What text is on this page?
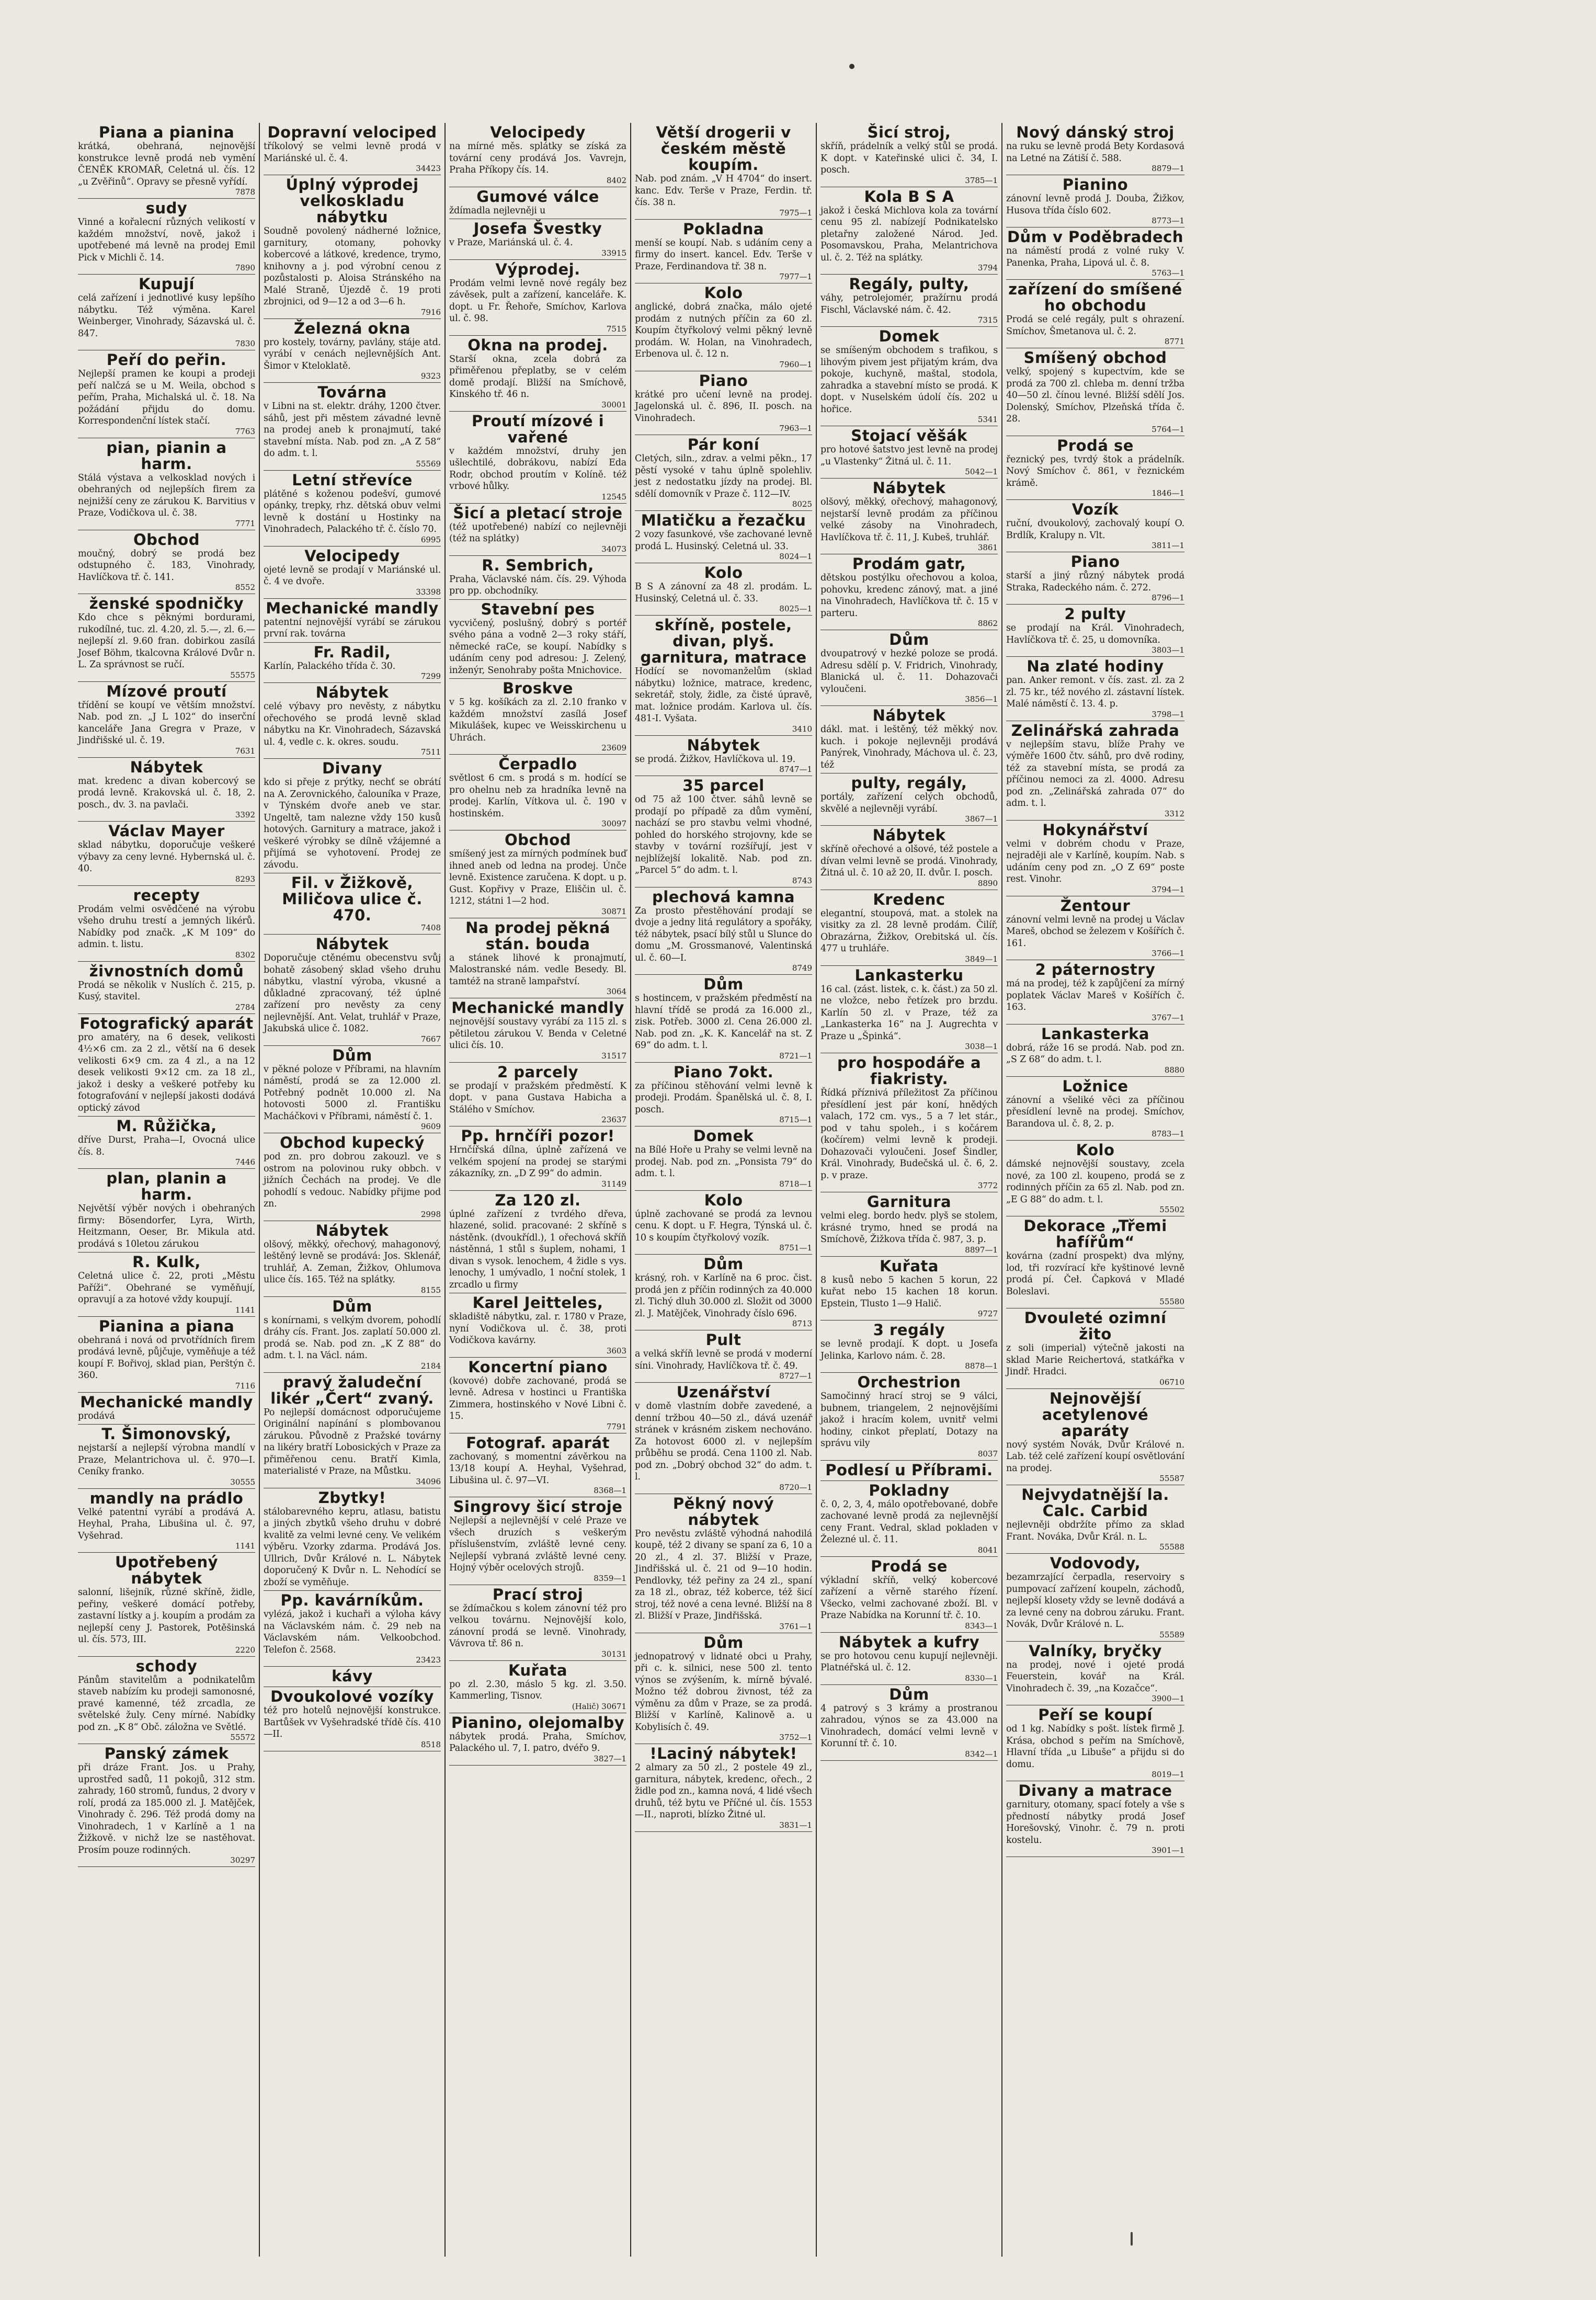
Piana a pianina
krátká, obehraná, nejnovější konstrukce levně prodá neb vymění ČENĚK KROMAŘ, Celetná ul. čís. 12 „u Zvěřinů“. Opravy se přesně vyřídí.
7878
sudy
Vinné a kořalecní různých velikostí v každém množství, nově, jakož i upotřebené má levně na prodej Emil Pick v Michli č. 14.
7890
Kupují
celá zařízení i jednotlivé kusy lepšího nábytku. Též výměna. Karel Weinberger, Vinohrady, Sázavská ul. č. 847.
7830
Peří do peřin.
Nejlepší pramen ke koupi a prodeji peří nalčzá se u M. Weila, obchod s peřím, Praha, Michalská ul. č. 18. Na požádání přijdu do domu. Korrespondenční lístek stačí.
7763
pian, pianin a harm.
Stálá výstava a velkosklad nových i obehraných od nejlepších firem za nejnižší ceny ze zárukou K. Barvitius v Praze, Vodičkova ul. č. 38.
7771
Obchod
moučný, dobrý se prodá bez odstupného č. 183, Vinohrady, Havlíčkova tř. č. 141.
8552
ženské spodničky
Kdo chce s pěknými bordurami, rukodílné, tuc. zl. 4.20, zl. 5.—, zl. 6.— nejlepší zl. 9.60 fran. dobirkou zasílá Josef Böhm, tkalcovna Králové Dvůr n. L. Za správnost se ručí.
55575
Mízové proutí
třídění se koupí ve větším množství. Nab. pod zn. „J L 102“ do inserční kanceláře Jana Gregra v Praze, v Jindřišské ul. č. 19.
7631
Nábytek
mat. kredenc a divan kobercový se prodá levně. Krakovská ul. č. 18, 2. posch., dv. 3. na pavlači.
3392
Václav Mayer
sklad nábytku, doporučuje veškeré výbavy za ceny levné. Hybernská ul. č. 40.
8293
recepty
Prodám velmi osvědčené na výrobu všeho druhu trestí a jemných likérů. Nabídky pod značk. „K M 109“ do admin. t. listu.
8302
živnostních domů
Prodá se několik v Nuslích č. 215, p. Kusý, stavitel.
2784
Fotografický aparát
pro amatéry, na 6 desek, velikosti 4½×6 cm. za 2 zl., větší na 6 desek velikosti 6×9 cm. za 4 zl., a na 12 desek velikosti 9×12 cm. za 18 zl., jakož i desky a veškeré potřeby ku fotografování v nejlepší jakosti dodává optický závod
M. Růžička,
dříve Durst, Praha—I, Ovocná ulice čís. 8.
7446
plan, planin a harm.
Největší výběr nových i obehraných firmy: Bösendorfer, Lyra, Wirth, Heitzmann, Oeser, Br. Mikula atd. prodává s 10letou zárukou
R. Kulk,
Celetná ulice č. 22, proti „Městu Paříži“. Obehrané se vyměňují, opravují a za hotové vždy koupují.
1141
Pianina a piana
obehraná i nová od prvotřídních firem prodává levně, půjčuje, vyměňuje a též koupí F. Bořivoj, sklad pian, Perštýn č. 360.
7116
Mechanické mandly
prodává
T. Šimonovský,
nejstarší a nejlepší výrobna mandlí v Praze, Melantrichova ul. č. 970—I. Ceníky franko.
30555
mandly na prádlo
Velké patentní vyrábí a prodává A. Heyhal, Praha, Libušina ul. č. 97, Vyšehrad.
1141
Upotřebený nábytek
salonní, lišejník, různé skříně, židle, peřiny, veškeré domácí potřeby, zastavní lístky a j. koupím a prodám za nejlepší ceny J. Pastorek, Potěšinská ul. čís. 573, III.
2220
schody
Pánům stavitelům a podnikatelům staveb nabízím ku prodeji samonosné, pravé kamenné, též zrcadla, ze světelské žuly. Ceny mírné. Nabídky pod zn. „K 8“ Obč. záložna ve Světlé.
55572
Panský zámek
při dráze Frant. Jos. u Prahy, uprostřed sadů, 11 pokojů, 312 stm. zahrady, 160 stromů, fundus, 2 dvory v rolí, prodá za 185.000 zl. J. Matějček, Vinohrady č. 296. Též prodá domy na Vinohradech, 1 v Karlíně a 1 na Žižkově. v nichž lze se nastěhovat. Prosím pouze rodinných.
30297
Dopravní velociped
tříkolový se velmi levně prodá v Mariánské ul. č. 4.
34423
Úplný výprodej velkoskladu nábytku
Soudně povolený nádherné ložnice, garnitury, otomany, pohovky kobercové a látkové, kredence, trymo, knihovny a j. pod výrobní cenou z pozůstalosti p. Aloisa Stránského na Malé Straně, Újezdě č. 19 proti zbrojnici, od 9—12 a od 3—6 h.
7916
Železná okna
pro kostely, továrny, pavlány, stáje atd. vyrábí v cenách nejlevnějších Ant. Šimor v Kteloklatě.
9323
Továrna
v Libni na st. elektr. dráhy, 1200 čtver. sáhů, jest při městem závadné levně na prodej aneb k pronajmutí, také stavební místa. Nab. pod zn. „A Z 58“ do adm. t. l.
55569
Letní střevíce
plátěné s koženou podešví, gumové opánky, trepky, rhz. dětská obuv velmi levně k dostání u Hostinky na Vinohradech, Palackého tř. č. číslo 70.
6995
Velocipedy
ojeté levně se prodají v Mariánské ul. č. 4 ve dvoře.
33398
Mechanické mandly
patentní nejnovější vyrábí se zárukou první rak. továrna
Fr. Radil,
Karlín, Palackého třída č. 30.
7299
Nábytek
celé výbavy pro nevěsty, z nábytku ořechového se prodá levně sklad nábytku na Kr. Vinohradech, Sázavská ul. 4, vedle c. k. okres. soudu.
7511
Divany
kdo si přeje z prýtky, nechť se obrátí na A. Zerovnického, čalouníka v Praze, v Týnském dvoře aneb ve star. Ungeltě, tam nalezne vždy 150 kusů hotových. Garnitury a matrace, jakož i veškeré výrobky se dílně vžájemné a přijímá se vyhotovení. Prodej ze závodu.
Fil. v Žižkově, Miličova ulice č. 470.
7408
Nábytek
Doporučuje ctěnému obecenstvu svůj bohatě zásobený sklad všeho druhu nábytku, vlastní výroba, vkusné a důkladné zpracovaný, též úplné zařízení pro nevěsty za ceny nejlevnější. Ant. Velat, truhlář v Praze, Jakubská ulice č. 1082.
7667
Dům
v pěkné poloze v Příbrami, na hlavním náměstí, prodá se za 12.000 zl. Potřebný podnět 10.000 zl. Na hotovosti 5000 zl. Františku Macháčkovi v Příbrami, náměstí č. 1.
9609
Obchod kupecký
pod zn. pro dobrou zakouzl. ve s ostrom na polovinou ruky obbch. v jižních Čechách na prodej. Ve dle pohodlí s vedouc. Nabídky přijme pod zn.
2998
Nábytek
olšový, měkký, ořechový, mahagonový, leštěný levně se prodává: Jos. Sklenář, truhlář, A. Zeman, Žižkov, Ohlumova ulice čís. 165. Též na splátky.
8155
Dům
s konírnami, s velkým dvorem, pohodlí dráhy cís. Frant. Jos. zaplatí 50.000 zl. prodá se. Nab. pod zn. „K Z 88“ do adm. t. l. na Václ. nám.
2184
pravý žaludeční likér „Čert“ zvaný.
Po nejlepší domácnost odporučujeme Originální napínání s plombovanou zárukou. Původně z Pražské továrny na likéry bratří Lobosických v Praze za přiměřenou cenu. Bratří Kimla, materialisté v Praze, na Můstku.
34096
Zbytky!
stálobarevného kepru, atlasu, batistu a jiných zbytků všeho druhu v dobré kvalitě za velmi levné ceny. Ve velikém výběru. Vzorky zdarma. Prodává Jos. Ullrich, Dvůr Králové n. L. Nábytek doporučený K Dvůr n. L. Nehodící se zboží se vyměňuje.
Pp. kavárníkům.
vylézá, jakož i kuchaři a výloha kávy na Václavském nám. č. 29 neb na Václavském nám. Velkoobchod. Telefon č. 2568.
23423
kávy
Dvoukolové vozíky
též pro hotelů nejnovější konstrukce. Bartůšek vv Vyšehradské třídě čís. 410—II.
8518
Velocipedy
na mírné měs. splátky se získá za tovární ceny prodává Jos. Vavrejn, Praha Příkopy čís. 14.
8402
Gumové válce
ždímadla nejlevněji u
Josefa Švestky
v Praze, Mariánská ul. č. 4.
33915
Výprodej.
Prodám velmi levně nové regály bez závěsek, pult a zařízení, kanceláře. K. dopt. u Fr. Řehoře, Smíchov, Karlova ul. č. 98.
7515
Okna na prodej.
Starší okna, zcela dobrá za přiměřenou přeplatby, se v celém domě prodají. Bližší na Smíchově, Kinského tř. 46 n.
30001
Proutí mízové i vařené
v každém množství, druhy jen ušlechtilé, dobrákovu, nabízí Eda Rodr, obchod proutím v Kolíně. též vrbové hůlky.
12545
Šicí a pletací stroje
(též upotřebené) nabízí co nejlevněji (též na splátky)
34073
R. Sembrich,
Praha, Václavské nám. čís. 29. Výhoda pro pp. obchodníky.
Stavební pes
vycvičený, poslušný, dobrý s portéř svého pána a vodně 2—3 roky stáří, německé raCe, se koupí. Nabídky s udáním ceny pod adresou: J. Zelený, inženýr, Senohraby pošta Mnichovice.
Broskve
v 5 kg. košíkách za zl. 2.10 franko v každém množství zasílá Josef Mikulášek, kupec ve Weisskirchenu u Uhrách.
23609
Čerpadlo
světlost 6 cm. s prodá s m. hodící se pro ohelnu neb za hradníka levně na prodej. Karlín, Vítkova ul. č. 190 v hostinském.
30097
Obchod
smíšený jest za mírných podmínek buď ihned aneb od ledna na prodej. Únče levně. Existence zaručena. K dopt. u p. Gust. Kopřivy v Praze, Eliščin ul. č. 1212, státni 1—2 hod.
30871
Na prodej pěkná stán. bouda
a stánek lihové k pronajmutí, Malostranské nám. vedle Besedy. Bl. tamtéž na straně lampařství.
3064
Mechanické mandly
nejnovější soustavy vyrábí za 115 zl. s pětiletou zárukou V. Benda v Celetné ulici čís. 10.
31517
2 parcely
se prodají v pražském předměstí. K dopt. v pana Gustava Habicha a Stálého v Smíchov.
23637
Pp. hrnčíři pozor!
Hrnčířská dílna, úplně zařízená ve velkém spojení na prodej se starými zákazníky, zn. „D Z 99“ do admin.
31149
Za 120 zl.
úplné zařízení z tvrdého dřeva, hlazené, solid. pracované: 2 skříně s nástěnk. (dvoukřídl.), 1 ořechová skříň nástěnná, 1 stůl s šuplem, nohami, 1 divan s vysok. lenochem, 4 židle s vys. lenochy, 1 umývadlo, 1 noční stolek, 1 zrcadlo u firmy
Karel Jeitteles,
skladiště nábytku, zal. r. 1780 v Praze, nyní Vodičkova ul. č. 38, proti Vodičkova kavárny.
3603
Koncertní piano
(kovové) dobře zachované, prodá se levně. Adresa v hostinci u Františka Zimmera, hostinského v Nové Libni č. 15.
7791
Fotograf. aparát
zachovaný, s momentní závěrkou na 13/18 koupí A. Heyhal, Vyšehrad, Libušina ul. č. 97—VI.
8368—1
Singrovy šicí stroje
Nejlepší a nejlevnější v celé Praze ve všech druzích s veškerým příslušenstvím, zvláště levné ceny. Nejlepší vybraná zvláště levné ceny. Hojný výběr ocelových strojů.
8359—1
Prací stroj
se ždímačkou s kolem zánovní též pro velkou továrnu. Nejnovější kolo, zánovní prodá se levně. Vinohrady, Vávrova tř. 86 n.
30131
Kuřata
po zl. 2.30, máslo 5 kg. zl. 3.50. Kammerling, Tisnov.
(Halič) 30671
Pianino, olejomalby
nábytek prodá. Praha, Smíchov, Palackého ul. 7, I. patro, dvéřo 9.
3827—1
Větší drogerii v českém městě koupím.
Nab. pod znám. „V H 4704“ do insert. kanc. Edv. Terše v Praze, Ferdin. tř. čís. 38 n.
7975—1
Pokladna
menší se koupí. Nab. s udáním ceny a firmy do insert. kancel. Edv. Terše v Praze, Ferdinandova tř. 38 n.
7977—1
Kolo
anglické, dobrá značka, málo ojeté prodám z nutných příčin za 60 zl. Koupím čtyřkolový velmi pěkný levně prodám. W. Holan, na Vinohradech, Erbenova ul. č. 12 n.
7960—1
Piano
krátké pro učení levně na prodej. Jagelonská ul. č. 896, II. posch. na Vinohradech.
7963—1
Pár koní
Cletých, siln., zdrav. a velmi pěkn., 17 pěstí vysoké v tahu úplně spolehliv. jest z nedostatku jízdy na prodej. Bl. sdělí domovník v Praze č. 112—IV.
8025
Mlatičku a řezačku
2 vozy fasunkové, vše zachované levně prodá L. Husinský. Celetná ul. 33.
8024—1
Kolo
B S A zánovní za 48 zl. prodám. L. Husinský, Celetná ul. č. 33.
8025—1
skříně, postele, divan, plyš. garnitura, matrace
Hodící se novomanželům (sklad nábytku) ložnice, matrace, kredenc, sekretář, stoly, židle, za čisté úpravě, mat. ložnice prodám. Karlova ul. čís. 481-I. Vyšata.
3410
Nábytek
se prodá. Žižkov, Havlíčkova ul. 19.
8747—1
35 parcel
od 75 až 100 čtver. sáhů levně se prodají po případě za dům vymění, nachází se pro stavbu velmi vhodné, pohled do horského strojovny, kde se stavby v tovární rozšířují, jest v nejblížejší lokalitě. Nab. pod zn. „Parcel 5“ do adm. t. l.
8743
plechová kamna
Za prosto přestěhování prodají se dvoje a jedny litá regulátory a spořáky, též nábytek, psací bílý stůl u Slunce do domu „M. Grossmanové, Valentinská ul. č. 60—I.
8749
Dům
s hostincem, v pražském předměstí na hlavní třídě se prodá za 16.000 zl., zisk. Potřeb. 3000 zl. Cena 26.000 zl. Nab. pod zn. „K. K. Kancelář na st. Z 69“ do adm. t. l.
8721—1
Piano 7okt.
za příčinou stěhování velmi levně k prodeji. Prodám. Španělská ul. č. 8, I. posch.
8715—1
Domek
na Bílé Hoře u Prahy se velmi levně na prodej. Nab. pod zn. „Ponsista 79“ do adm. t. l.
8718—1
Kolo
úplně zachované se prodá za levnou cenu. K dopt. u F. Hegra, Týnská ul. č. 10 s koupím čtyřkolový vozík.
8751—1
Dům
krásný, roh. v Karlíně na 6 proc. čist. prodá jen z příčin rodinných za 40.000 zl. Tichý dluh 30.000 zl. Složit od 3000 zl. J. Matějček, Vinohrady číslo 696.
8713
Pult
a velká skříň levně se prodá v moderní síni. Vinohrady, Havlíčkova tř. č. 49.
8727—1
Uzenářství
v domě vlastním dobře zavedené, a denní tržbou 40—50 zl., dává uzenář stránek v krásném ziskem nechováno. Za hotovost 6000 zl. v nejlepším průběhu se prodá. Cena 1100 zl. Nab. pod zn. „Dobrý obchod 32“ do adm. t. l.
8720—1
Pěkný nový nábytek
Pro nevěstu zvláště výhodná nahodilá koupě, též 2 divany se spaní za 6, 10 a 20 zl., 4 zl. 37. Bližší v Praze, Jindřišská ul. č. 21 od 9—10 hodin. Pendlovky, též peřiny za 24 zl., spaní za 18 zl., obraz, též koberce, též šicí stroj, též nové a cena levné. Bližší na 8 zl. Bližší v Praze, Jindřišská.
3761—1
Dům
jednopatrový v lidnaté obci u Prahy, při c. k. silnici, nese 500 zl. tento výnos se zvýšením, k. mírně bývalé. Možno též dobrou živnost, též za výměnu za dům v Praze, se za prodá. Bližší v Karlíně, Kalinově a. u Kobylisích č. 49.
3752—1
!Laciný nábytek!
2 almary za 50 zl., 2 postele 49 zl., garnitura, nábytek, kredenc, ořech., 2 židle pod zn., kamna nová, 4 lidé všech druhů, též bytu ve Příčné ul. čís. 1553—II., naproti, blízko Žitné ul.
3831—1
Šicí stroj,
skříň, prádelník a velký stůl se prodá. K dopt. v Kateřinské ulici č. 34, I. posch.
3785—1
Kola B S A
jakož i česká Michlova kola za tovární cenu 95 zl. nabízejí Podnikatelsko pletařny založené Národ. Jed. Posomavskou, Praha, Melantrichova ul. č. 2. Též na splátky.
3794
Regály, pulty,
váhy, petrolejomér, pražírnu prodá Fischl, Václavské nám. č. 42.
7315
Domek
se smíšeným obchodem s trafikou, s lihovým pivem jest přijatým krám, dva pokoje, kuchyně, maštal, stodola, zahradka a stavební místo se prodá. K dopt. v Nuselském údolí čís. 202 u hořice.
5341
Stojací věšák
pro hotové šatstvo jest levně na prodej „u Vlastenky“ Žitná ul. č. 11.
5042—1
Nábytek
olšový, měkký, ořechový, mahagonový, nejstarší levně prodám za příčinou velké zásoby na Vinohradech, Havlíčkova tř. č. 11, J. Kubeš, truhlář.
3861
Prodám gatr,
dětskou postýlku ořechovou a koloa, pohovku, kredenc zánový, mat. a jiné na Vinohradech, Havlíčkova tř. č. 15 v parteru.
8862
Dům
dvoupatrový v hezké poloze se prodá. Adresu sdělí p. V. Fridrich, Vinohrady, Blanická ul. č. 11. Dohazovači vyloučeni.
3856—1
Nábytek
dákl. mat. i leštěný, též měkký nov. kuch. i pokoje nejlevněji prodává Panýrek, Vinohrady, Máchova ul. č. 23, též
pulty, regály,
portály, zařízení celých obchodů, skvělé a nejlevněji vyrábí.
3867—1
Nábytek
skříně ořechové a olšové, též postele a dívan velmi levně se prodá. Vinohrady, Žitná ul. č. 10 až 20, II. dvůr. I. posch.
8890
Kredenc
elegantní, stoupová, mat. a stolek na visitky za zl. 28 levně prodám. Čilíř, Obrazárna, Žižkov, Orebitská ul. čís. 477 u truhláře.
3849—1
Lankasterku
16 cal. (zást. listek, c. k. část.) za 50 zl. ne vložce, nebo řetízek pro brzdu. Karlín 50 zl. v Praze, též za „Lankasterka 16“ na J. Augrechta v Praze u „Špinká“.
3038—1
pro hospodáře a fiakristy.
Řídká příznivá příležitost Za příčinou přesídlení jest pár koní, hnědých valach, 172 cm. vys., 5 a 7 let stár., pod v tahu spoleh., i s kočárem (kočírem) velmi levně k prodeji. Dohazovači vyloučeni. Josef Šindler, Král. Vinohrady, Budečská ul. č. 6, 2. p. v praze.
3772
Garnitura
velmi eleg. bordo hedv. plyš se stolem, krásné trymo, hned se prodá na Smíchově, Žižkova třída č. 987, 3. p.
8897—1
Kuřata
8 kusů nebo 5 kachen 5 korun, 22 kuřat nebo 15 kachen 18 korun. Epstein, Tlusto 1—9 Halič.
9727
3 regály
se levně prodají. K dopt. u Josefa Jelinka, Karlovo nám. č. 28.
8878—1
Orchestrion
Samočinný hrací stroj se 9 válci, bubnem, triangelem, 2 nejnovějšími jakož i hracím kolem, uvnitř velmi hodiny, cinkot přeplatí, Dotazy na správu vily
8037
Podlesí u Příbrami.
Pokladny
č. 0, 2, 3, 4, málo opotřebované, dobře zachované levně prodá za nejlevnější ceny Frant. Vedral, sklad pokladen v Železné ul. č. 11.
8041
Prodá se
výkladní skříň, velký kobercové zařízení a věrně starého řízení. Všecko, velmi zachované zboží. Bl. v Praze Nabídka na Korunní tř. č. 10.
8343—1
Nábytek a kufry
se pro hotovou cenu kupují nejlevněji. Platnéřská ul. č. 12.
8330—1
Dům
4 patrový s 3 krámy a prostranou zahradou, výnos se za 43.000 na Vinohradech, domácí velmi levně v Korunní tř. č. 10.
8342—1
Nový dánský stroj
na ruku se levně prodá Bety Kordasová na Letné na Zátiší č. 588.
8879—1
Pianino
zánovní levně prodá J. Douba, Žižkov, Husova třída číslo 602.
8773—1
Dům v Poděbradech
na náměstí prodá z volné ruky V. Panenka, Praha, Lipová ul. č. 8.
5763—1
zařízení do smíšené ho obchodu
Prodá se celé regály, pult s ohrazení. Smíchov, Šmetanova ul. č. 2.
8771
Smíšený obchod
velký, spojený s kupectvím, kde se prodá za 700 zl. chleba m. denní tržba 40—50 zl. čínou levné. Bližší sdělí Jos. Dolenský, Smíchov, Plzeňská třída č. 28.
5764—1
Prodá se
řeznický pes, tvrdý štok a prádelník. Nový Smíchov č. 861, v řeznickém krámě.
1846—1
Vozík
ruční, dvoukolový, zachovalý koupí O. Brdlík, Kralupy n. Vlt.
3811—1
Piano
starší a jiný různý nábytek prodá Straka, Radeckého nám. č. 272.
8796—1
2 pulty
se prodají na Král. Vinohradech, Havlíčkova tř. č. 25, u domovníka.
3803—1
Na zlaté hodiny
pan. Anker remont. v čís. zast. zl. za 2 zl. 75 kr., též nového zl. zástavní lístek. Malé náměstí č. 13. 4. p.
3798—1
Zelinářská zahrada
v nejlepším stavu, blíže Prahy ve výměře 1600 čtv. sáhů, pro dvě rodiny, též za stavební místa, se prodá za příčinou nemoci za zl. 4000. Adresu pod zn. „Zelinářská zahrada 07“ do adm. t. l.
3312
Hokynářství
velmi v dobrém chodu v Praze, nejraději ale v Karlíně, koupím. Nab. s udáním ceny pod zn. „O Z 69“ poste rest. Vinohr.
3794—1
Žentour
zánovní velmi levně na prodej u Václav Mareš, obchod se železem v Košířích č. 161.
3766—1
2 páternostry
má na prodej, též k zapůjčení za mírný poplatek Václav Mareš v Košířích č. 163.
3767—1
Lankasterka
dobrá, ráže 16 se prodá. Nab. pod zn. „S Z 68“ do adm. t. l.
8880
Ložnice
zánovní a všeliké věci za příčinou přesídlení levně na prodej. Smíchov, Barandova ul. č. 8, 2. p.
8783—1
Kolo
dámské nejnovější soustavy, zcela nové, za 100 zl. koupeno, prodá se z rodinných příčin za 65 zl. Nab. pod zn. „E G 88“ do adm. t. l.
55502
Dekorace „Třemi hafířům“
kovárna (zadní prospekt) dva mlýny, lod, tři rozvírací kře kyštinové levně prodá pí. Čeł. Čapková v Mladé Boleslavi.
55580
Dvouleté ozimní žito
z soli (imperial) výtečně jakosti na sklad Marie Reichertová, statkářka v Jindř. Hradci.
06710
Nejnovější acetylenové aparáty
nový systém Novák, Dvůr Králové n. Lab. též celé zařízení koupí osvětlování na prodej.
55587
Nejvydatnější la. Calc. Carbid
nejlevněji obdržíte přímo za sklad Frant. Nováka, Dvůr Král. n. L.
55588
Vodovody,
bezamrzající čerpadla, reservoiry s pumpovací zařízení koupeln, záchodů, nejlepší klosety vždy se levně dodává a za levné ceny na dobrou záruku. Frant. Novák, Dvůr Králové n. L.
55589
Valníky, bryčky
na prodej, nové i ojeté prodá Feuerstein, kovář na Král. Vinohradech č. 39, „na Kozačce“.
3900—1
Peří se koupí
od 1 kg. Nabídky s pošt. lístek firmě J. Krása, obchod s peřím na Smíchově, Hlavní třída „u Libuše“ a přijdu si do domu.
8019—1
Divany a matrace
garnitury, otomany, spací fotely a vše s předností nábytky prodá Josef Horešovský, Vinohr. č. 79 n. proti kostelu.
3901—1
